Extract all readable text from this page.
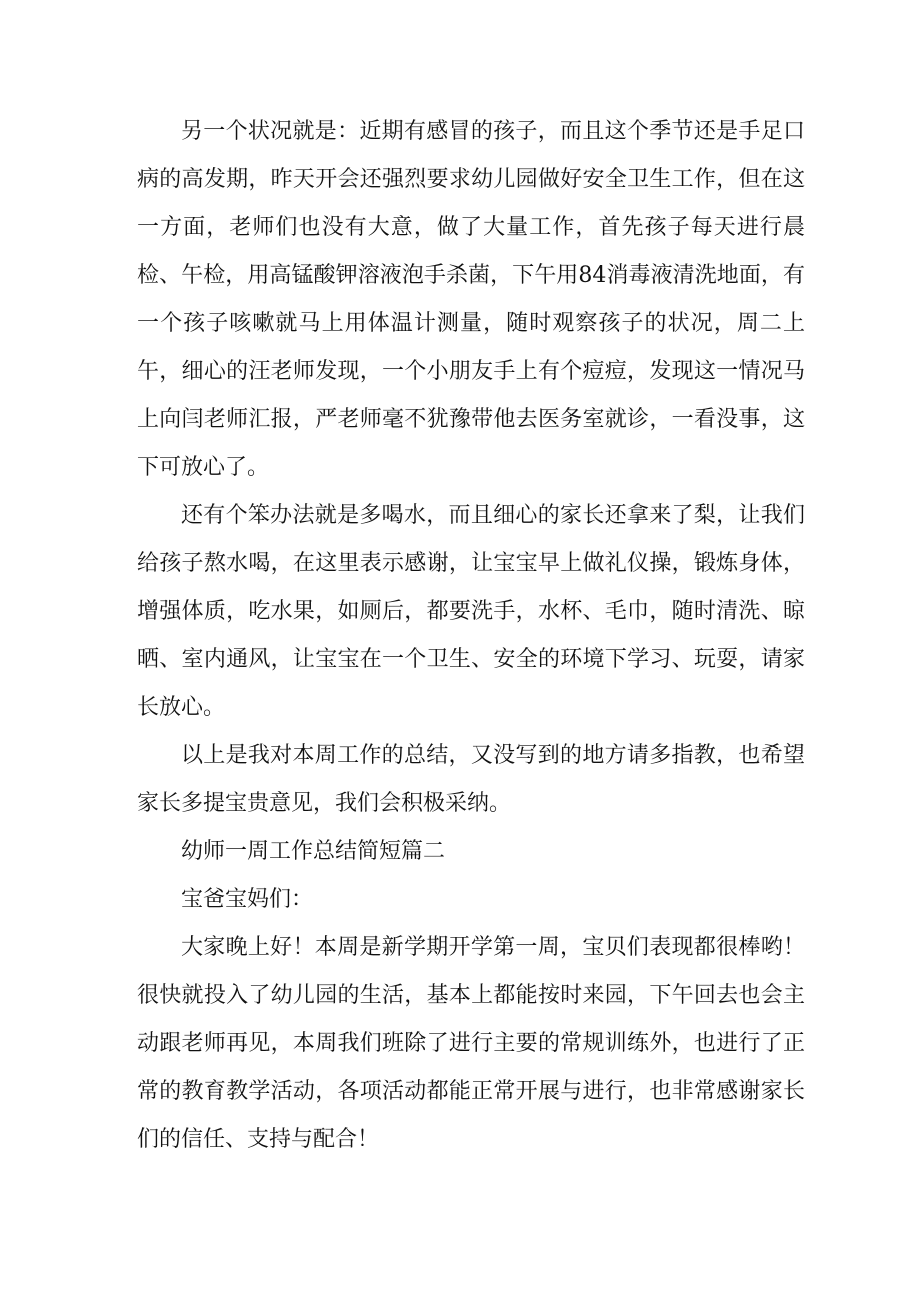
另一个状况就是：近期有感冒的孩子，而且这个季节还是手足口病的高发期，昨天开会还强烈要求幼儿园做好安全卫生工作，但在这一方面，老师们也没有大意，做了大量工作，首先孩子每天进行晨检、午检，用高锰酸钾溶液泡手杀菌，下午用84消毒液清洗地面，有一个孩子咳嗽就马上用体温计测量，随时观察孩子的状况，周二上午，细心的汪老师发现，一个小朋友手上有个痘痘，发现这一情况马上向闫老师汇报，严老师毫不犹豫带他去医务室就诊，一看没事，这下可放心了。

还有个笨办法就是多喝水，而且细心的家长还拿来了梨，让我们给孩子熬水喝，在这里表示感谢，让宝宝早上做礼仪操，锻炼身体，增强体质，吃水果，如厕后，都要洗手，水杯、毛巾，随时清洗、晾晒、室内通风，让宝宝在一个卫生、安全的环境下学习、玩耍，请家长放心。

以上是我对本周工作的总结，又没写到的地方请多指教，也希望家长多提宝贵意见，我们会积极采纳。

幼师一周工作总结简短篇二

宝爸宝妈们：

大家晚上好！本周是新学期开学第一周，宝贝们表现都很棒哟！很快就投入了幼儿园的生活，基本上都能按时来园，下午回去也会主动跟老师再见，本周我们班除了进行主要的常规训练外，也进行了正常的教育教学活动，各项活动都能正常开展与进行，也非常感谢家长们的信任、支持与配合！
